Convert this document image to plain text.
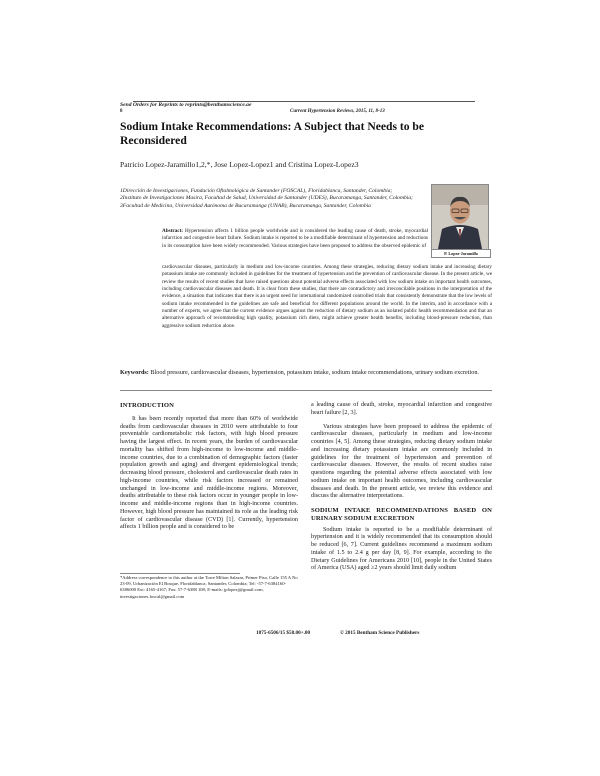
Send Orders for Reprints to reprints@benthamscience.ae
8	Current Hypertension Reviews, 2015, 11, 8-13
Sodium Intake Recommendations: A Subject that Needs to be Reconsidered
Patricio Lopez-Jaramillo1,2,*, Jose Lopez-Lopez1 and Cristina Lopez-Lopez3
1Dirección de Investigaciones, Fundación Oftalmológica de Santander (FOSCAL), Floridablanca, Santander, Colombia; 2Instituto de Investigaciones Masira, Facultad de Salud, Universidad de Santander (UDES), Bucaramanga, Santander, Colombia; 3Facultad de Medicina, Universidad Autónoma de Bucaramanga (UNAB), Bucaramanga, Santander, Colombia
P. Lopez-Jaramillo
Abstract: Hypertension affects 1 billion people worldwide and is considered the leading cause of death, stroke, myocardial infarction and congestive heart failure. Sodium intake is reported to be a modifiable determinant of hypertension and reductions in its consumption have been widely recommended. Various strategies have been proposed to address the observed epidemic of
cardiovascular diseases, particularly in medium and low-income countries. Among these strategies, reducing dietary sodium intake and increasing dietary potassium intake are commonly included in guidelines for the treatment of hypertension and the prevention of cardiovascular disease. In the present article, we review the results of recent studies that have raised questions about potential adverse effects associated with low sodium intake on important health outcomes, including cardiovascular diseases and death. It is clear from these studies, that there are contradictory and irreconcilable positions in the interpretation of the evidence, a situation that indicates that there is an urgent need for international randomized controlled trials that consistently demonstrate that the low levels of sodium intake recommended in the guidelines are safe and beneficial for different populations around the world. In the interim, and in accordance with a number of experts, we agree that the current evidence argues against the reduction of dietary sodium as an isolated public health recommendation and that an alternative approach of recommending high quality, potassium rich diets, might achieve greater health benefits, including blood-pressure reduction, than aggressive sodium reduction alone.
Keywords: Blood pressure, cardiovascular diseases, hypertension, potassium intake, sodium intake recommendations, urinary sodium excretion.
INTRODUCTION

It has been recently reported that more than 60% of worldwide deaths from cardiovascular diseases in 2010 were attributable to four preventable cardiometabolic risk factors, with high blood pressure having the largest effect. In recent years, the burden of cardiovascular mortality has shifted from high-income to low-income and middle-income countries, due to a combination of demographic factors (faster population growth and aging) and divergent epidemiological trends; decreasing blood pressure, cholesterol and cardiovascular death rates in high-income countries, while risk factors increased or remained unchanged in low-income and middle-income regions. Moreover, deaths attributable to these risk factors occur in younger people in low-income and middle-income regions than in high-income countries. However, high blood pressure has maintained its role as the leading risk factor of cardiovascular disease (CVD) [1]. Currently, hypertension affects 1 billion people and is considered to be

a leading cause of death, stroke, myocardial infarction and congestive heart failure [2, 3].

Various strategies have been proposed to address the epidemic of cardiovascular diseases, particularly in medium and low-income countries [4, 5]. Among these strategies, reducing dietary sodium intake and increasing dietary potassium intake are commonly included in guidelines for the treatment of hypertension and prevention of cardiovascular diseases. However, the results of recent studies raise questions regarding the potential adverse effects associated with low sodium intake on important health outcomes, including cardiovascular diseases and death. In the present article, we review this evidence and discuss the alternative interpretations.

SODIUM INTAKE RECOMMENDATIONS BASED ON URINARY SODIUM EXCRETION

Sodium intake is reported to be a modifiable determinant of hypertension and it is widely recommended that its consumption should be reduced [6, 7]. Current guidelines recommend a maximum sodium intake of 1.5 to 2.4 g per day [8, 9]. For example, according to the Dietary Guidelines for Americans 2010 [10], people in the United States of America (USA) aged ≥2 years should limit daily sodium

*Address correspondence to this author at the Torre Milton Salazar, Primer Piso, Calle 155 A No 23-09, Urbanización El Bosque, Floridablanca, Santander, Colombia; Tel: -57-7-6384160-6386000 Ext: 4165-4167; Fax: 57-7-6388 108; E-mails: jplopezj@gmail.com, investigaciones.foscal@gmail.com
1875-6506/15 $58.00+.00	© 2015 Bentham Science Publishers
